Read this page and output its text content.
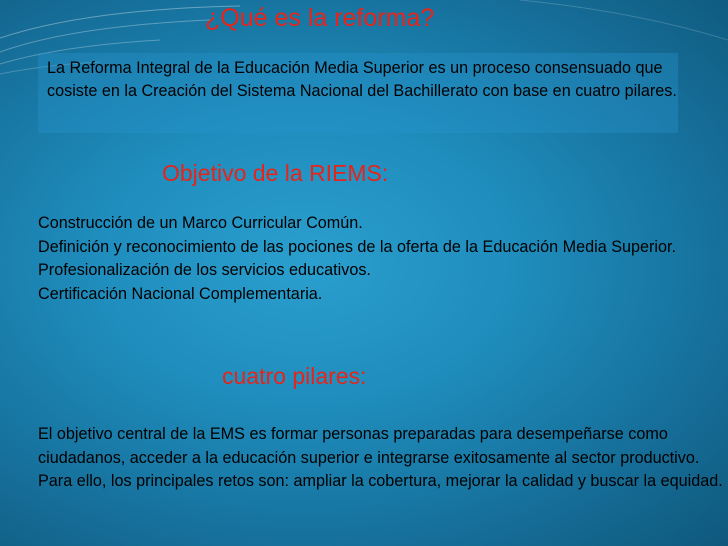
¿Qué es la reforma?

La Reforma Integral de la Educación Media Superior es un proceso consensuado que cosiste en la Creación del Sistema Nacional del Bachillerato con base en cuatro pilares.

Objetivo de la RIEMS:
Construcción de un Marco Curricular Común.
Definición y reconocimiento de las pociones de la oferta de la Educación Media Superior.
Profesionalización de los servicios educativos.
Certificación Nacional Complementaria.
cuatro pilares:

El objetivo central de la EMS es formar personas preparadas para desempeñarse como ciudadanos, acceder a la educación superior e integrarse exitosamente al sector productivo. Para ello, los principales retos son: ampliar la cobertura, mejorar la calidad y buscar la equidad.
